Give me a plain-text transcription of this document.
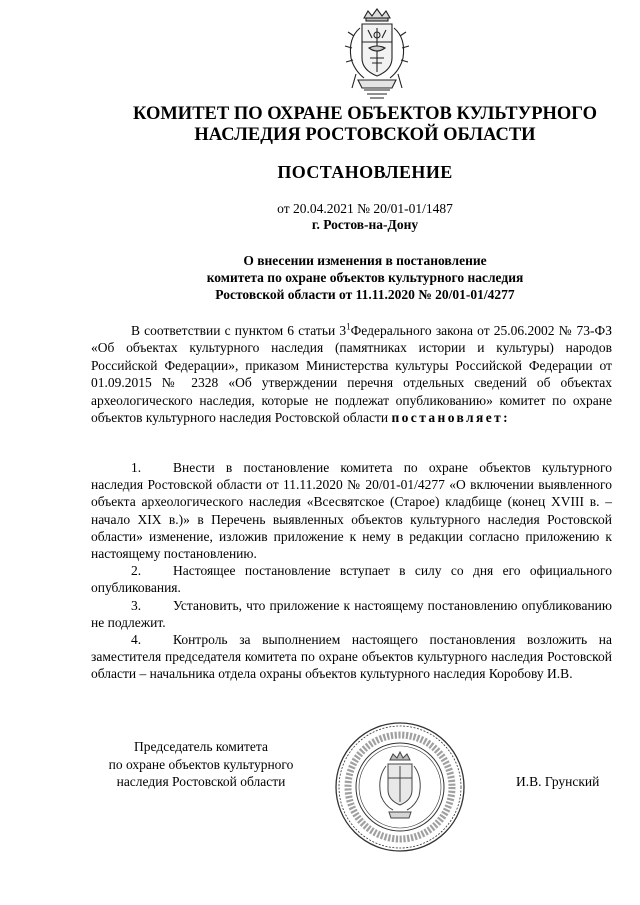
КОМИТЕТ ПО ОХРАНЕ ОБЪЕКТОВ КУЛЬТУРНОГО
НАСЛЕДИЯ РОСТОВСКОЙ ОБЛАСТИ
ПОСТАНОВЛЕНИЕ
от 20.04.2021 № 20/01-01/1487
г. Ростов-на-Дону
О внесении изменения в постановление
комитета по охране объектов культурного наследия
Ростовской области от 11.11.2020 № 20/01-01/4277
В соответствии с пунктом 6 статьи $3^1Федерального$ закона от 25.06.2002 № 73-ФЗ «Об объектах культурного наследия (памятниках истории и культуры) народов Российской Федерации», приказом Министерства культуры Российской Федерации от 01.09.2015 № 2328 «Об утверждении перечня отдельных сведений об объектах археологического наследия, которые не подлежат опубликованию» комитет по охране объектов культурного наследия Ростовской области постановляет:

1. Внести в постановление комитета по охране объектов культурного наследия Ростовской области от 11.11.2020 № 20/01-01/4277 «О включении выявленного объекта археологического наследия «Всесвятское (Старое) кладбище (конец XVIII в. – начало XIX в.)» в Перечень выявленных объектов культурного наследия Ростовской области» изменение, изложив приложение к нему в редакции согласно приложению к настоящему постановлению.

2. Настоящее постановление вступает в силу со дня его официального опубликования.

3. Установить, что приложение к настоящему постановлению опубликованию не подлежит.

4. Контроль за выполнением настоящего постановления возложить на заместителя председателя комитета по охране объектов культурного наследия Ростовской области – начальника отдела охраны объектов культурного наследия Коробову И.В.

Председатель комитета
по охране объектов культурного
наследия Ростовской области	И.В. Грунский
